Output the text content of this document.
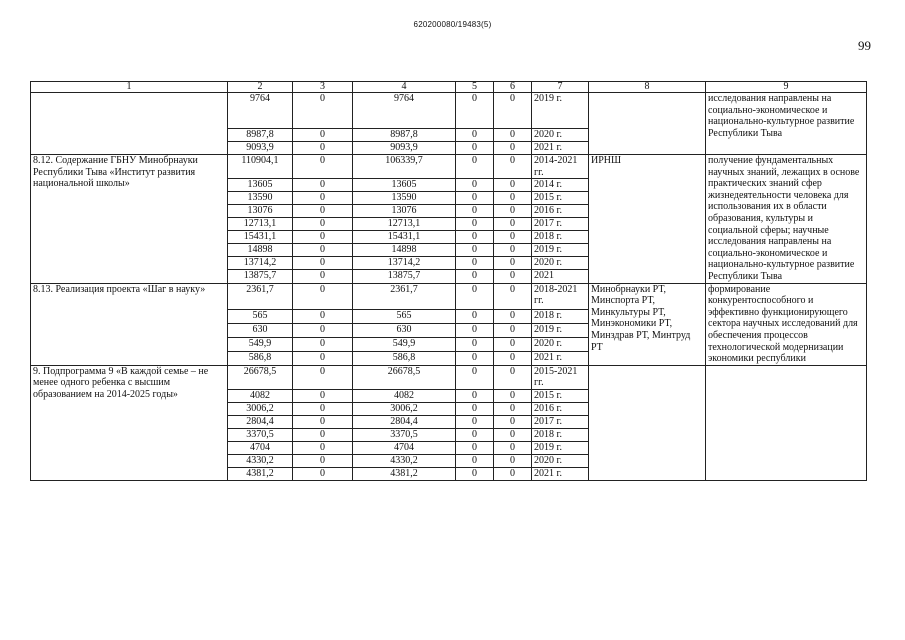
620200080/19483(5)
99
1	2	3	4	5	6	7	8	9
	9764	0	9764	0	0	2019 г.		исследования направлены на социально-экономическое и национально-культурное развитие Республики Тыва
	8987,8	0	8987,8	0	0	2020 г.		
	9093,9	0	9093,9	0	0	2021 г.		
8.12. Содержание ГБНУ Минобрнауки Республики Тыва «Институт развития национальной школы»	110904,1	0	106339,7	0	0	2014-2021 гг.	ИРНШ	получение фундаментальных научных знаний, лежащих в основе практических знаний сфер жизнедеятельности человека для использования их в области образования, культуры и социальной сферы; научные исследования направлены на социально-экономическое и национально-культурное развитие Республики Тыва
	13605	0	13605	0	0	2014 г.		
	13590	0	13590	0	0	2015 г.		
	13076	0	13076	0	0	2016 г.		
	12713,1	0	12713,1	0	0	2017 г.		
	15431,1	0	15431,1	0	0	2018 г.		
	14898	0	14898	0	0	2019 г.		
	13714,2	0	13714,2	0	0	2020 г.		
	13875,7	0	13875,7	0	0	2021		
8.13. Реализация проекта «Шаг в науку»	2361,7	0	2361,7	0	0	2018-2021 гг.	Минобрнауки РТ, Минспорта РТ, Минкультуры РТ, Минэкономики РТ, Минздрав РТ, Минтруд РТ	формирование конкурентоспособного и эффективно функционирующего сектора научных исследований для обеспечения процессов технологической модернизации экономики республики
	565	0	565	0	0	2018 г.		
	630	0	630	0	0	2019 г.		
	549,9	0	549,9	0	0	2020 г.		
	586,8	0	586,8	0	0	2021 г.		
9. Подпрограмма 9 «В каждой семье – не менее одного ребенка с высшим образованием на 2014-2025 годы»	26678,5	0	26678,5	0	0	2015-2021 гг.		
	4082	0	4082	0	0	2015 г.		
	3006,2	0	3006,2	0	0	2016 г.		
	2804,4	0	2804,4	0	0	2017 г.		
	3370,5	0	3370,5	0	0	2018 г.		
	4704	0	4704	0	0	2019 г.		
	4330,2	0	4330,2	0	0	2020 г.		
	4381,2	0	4381,2	0	0	2021 г.		
